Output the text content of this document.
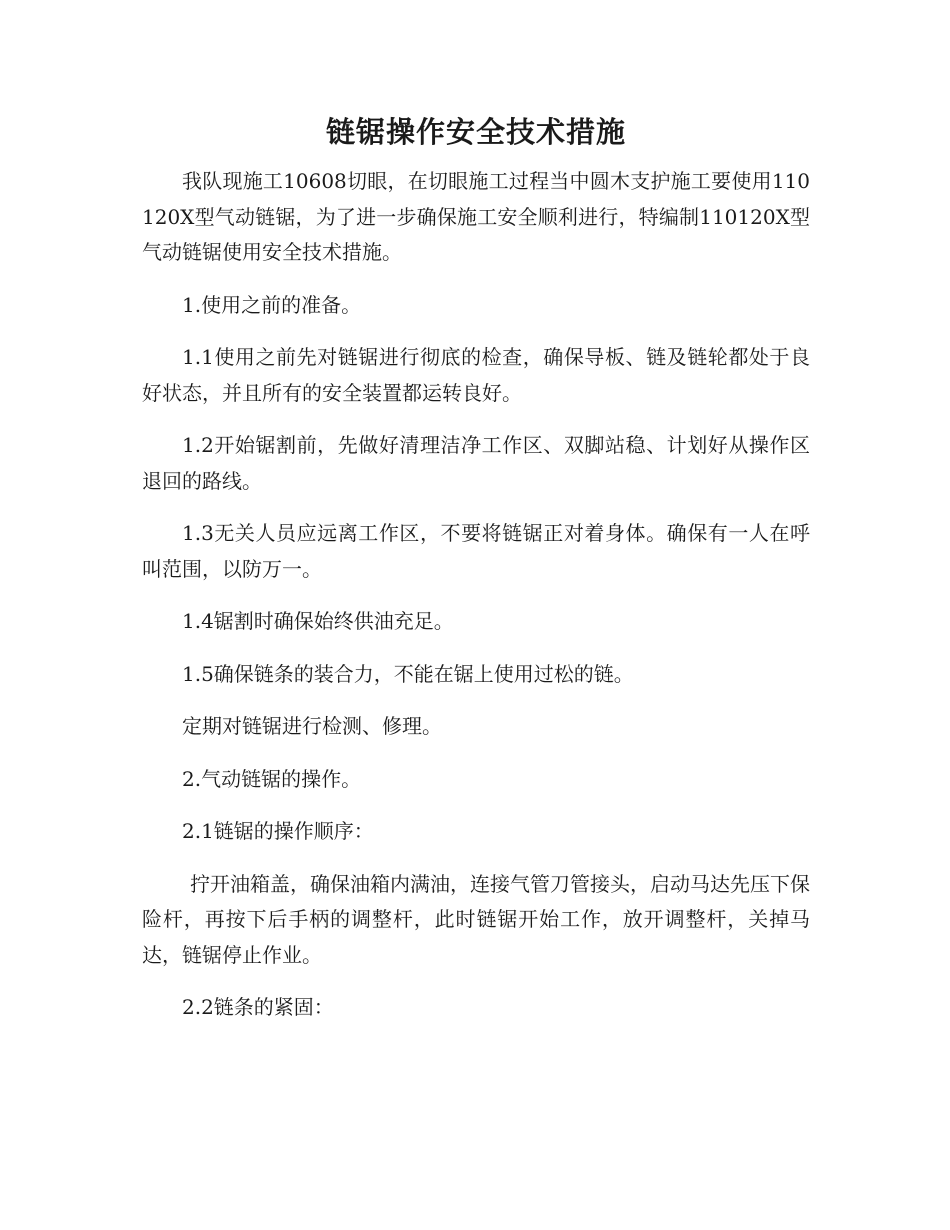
链锯操作安全技术措施

我队现施工10608切眼，在切眼施工过程当中圆木支护施工要使用110120X型气动链锯，为了进一步确保施工安全顺利进行，特编制110120X型气动链锯使用安全技术措施。

1.使用之前的准备。

1.1使用之前先对链锯进行彻底的检查，确保导板、链及链轮都处于良好状态，并且所有的安全装置都运转良好。

1.2开始锯割前，先做好清理洁净工作区、双脚站稳、计划好从操作区退回的路线。

1.3无关人员应远离工作区，不要将链锯正对着身体。确保有一人在呼叫范围，以防万一。

1.4锯割时确保始终供油充足。

1.5确保链条的装合力，不能在锯上使用过松的链。

定期对链锯进行检测、修理。

2.气动链锯的操作。

2.1链锯的操作顺序：

拧开油箱盖，确保油箱内满油，连接气管刀管接头，启动马达先压下保险杆，再按下后手柄的调整杆，此时链锯开始工作，放开调整杆，关掉马达，链锯停止作业。

2.2链条的紧固：
